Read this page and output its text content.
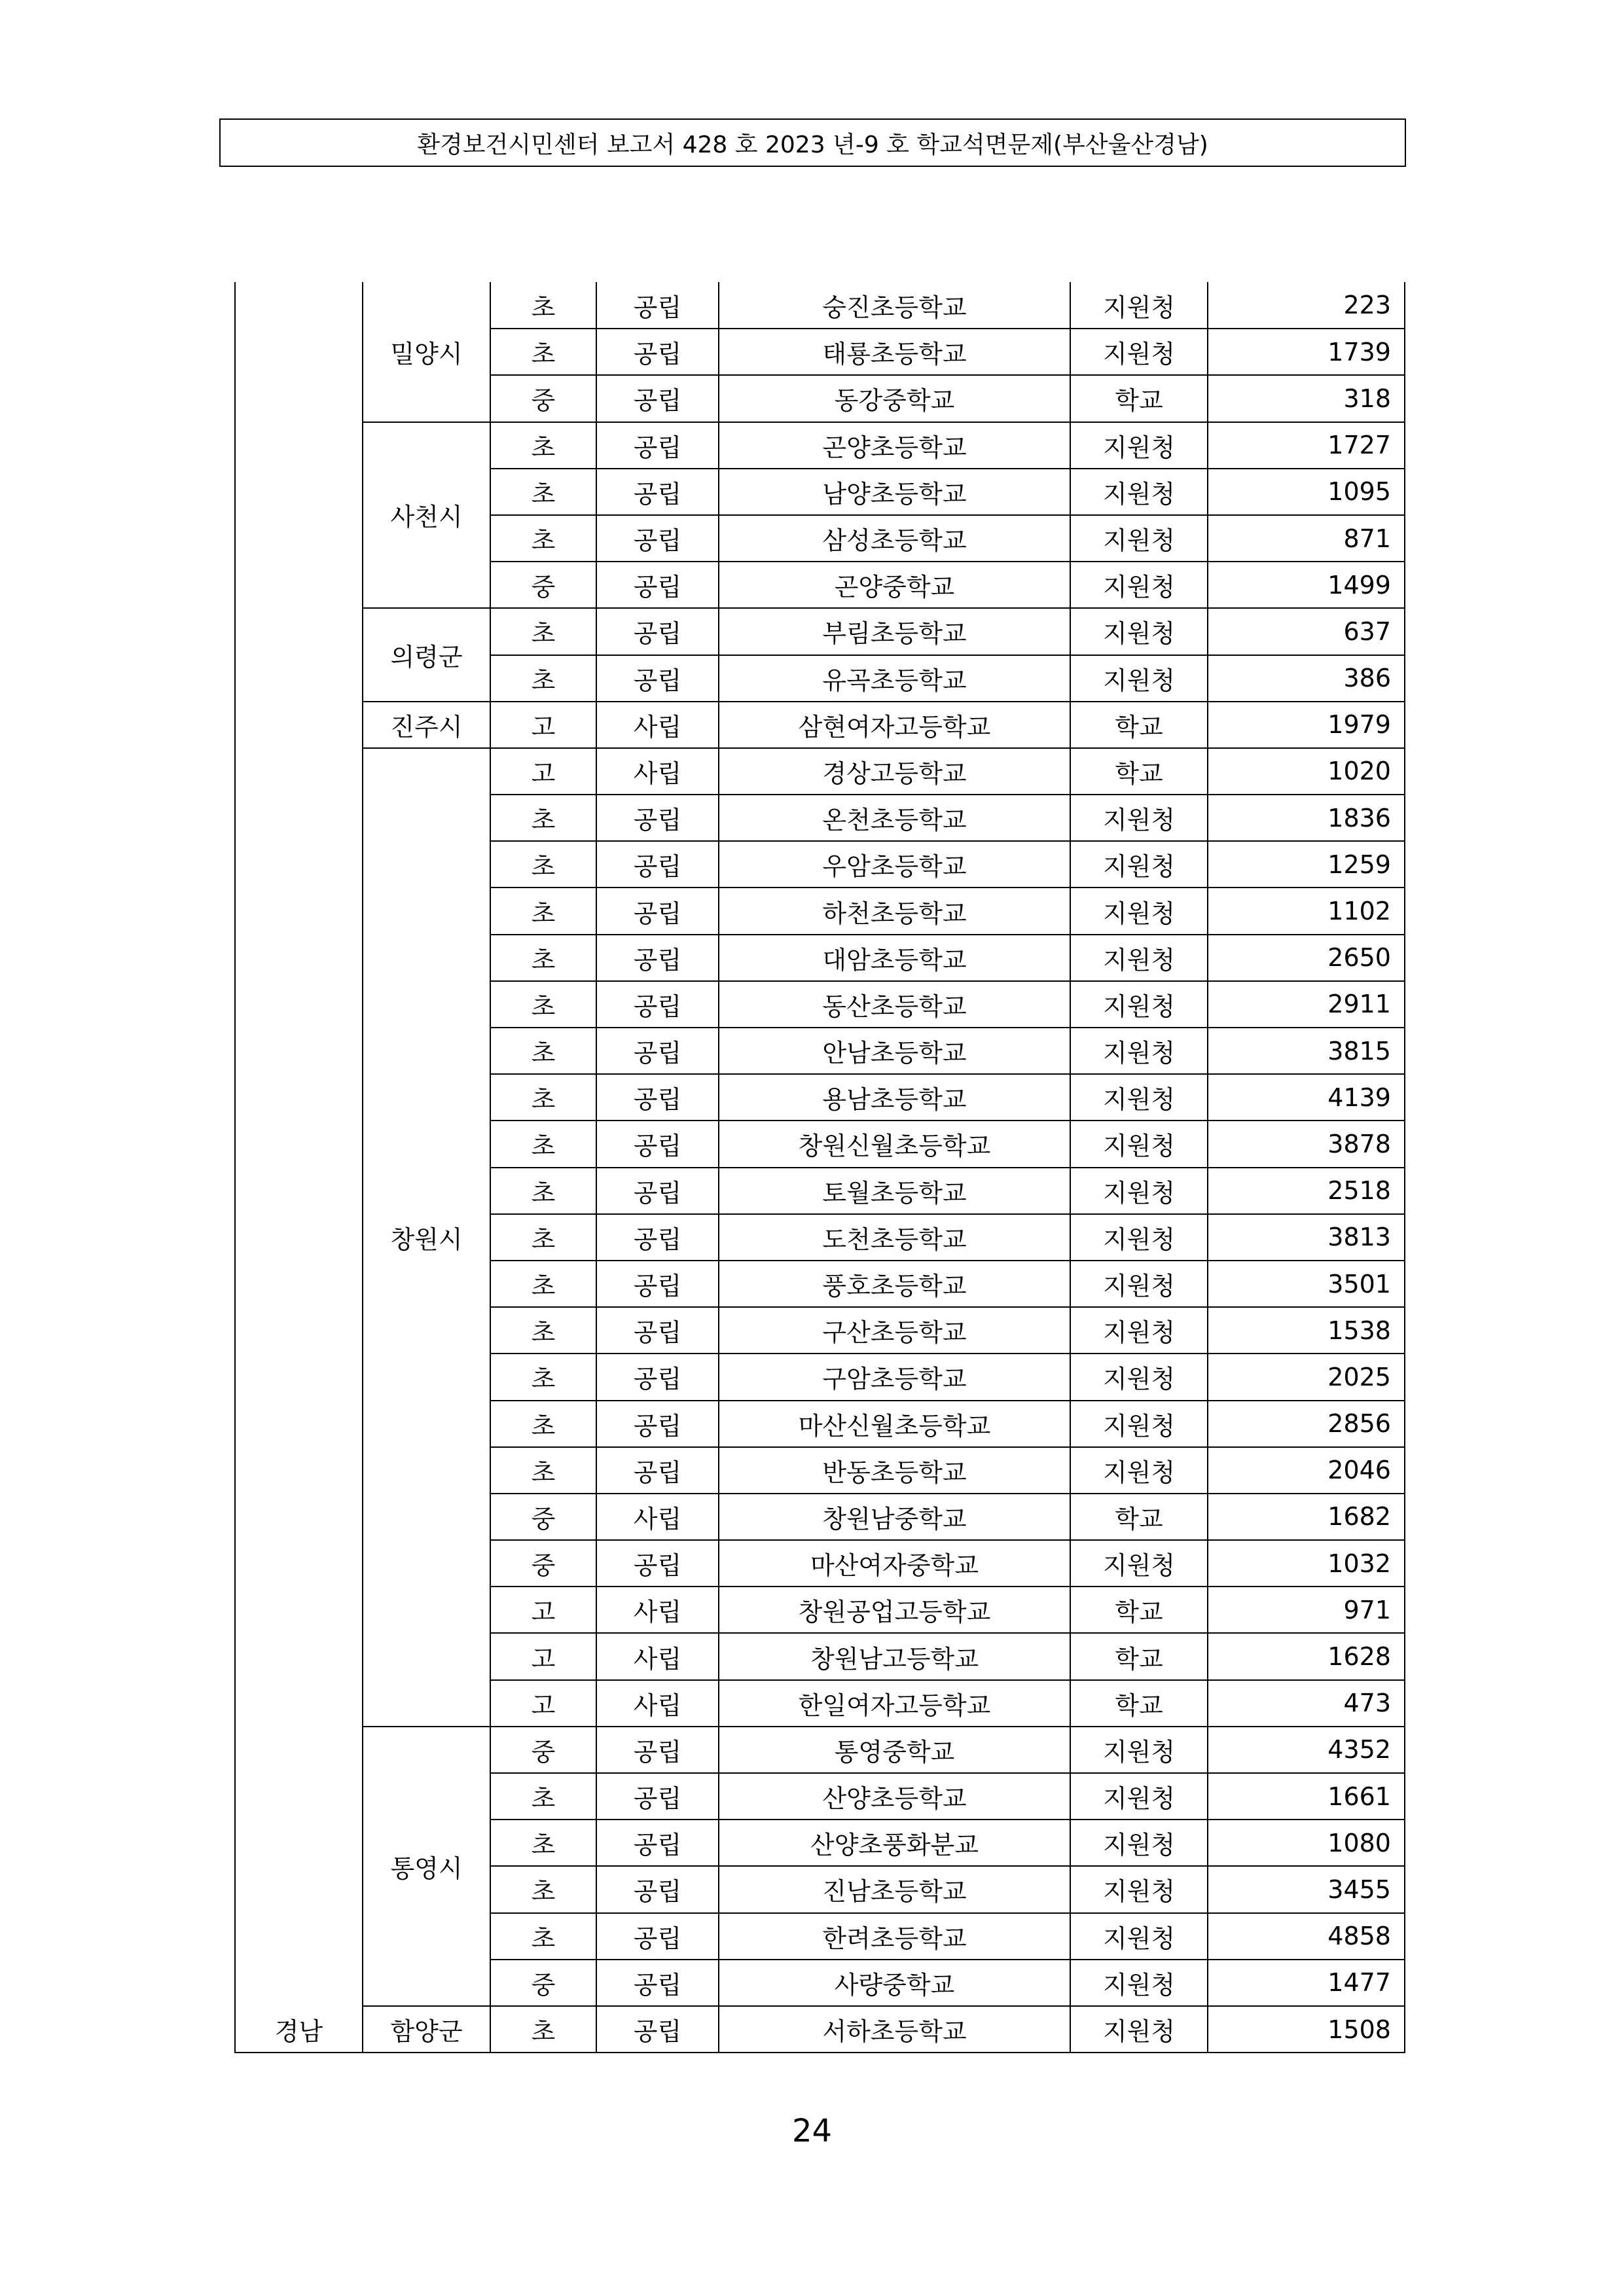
환경보건시민센터 보고서 428 호 2023 년-9 호 학교석면문제(부산울산경남)
	밀양시	초	공립	숭진초등학교	지원청	223
		초	공립	태룡초등학교	지원청	1739
		중	공립	동강중학교	학교	318
	사천시	초	공립	곤양초등학교	지원청	1727
		초	공립	남양초등학교	지원청	1095
		초	공립	삼성초등학교	지원청	871
		중	공립	곤양중학교	지원청	1499
	의령군	초	공립	부림초등학교	지원청	637
		초	공립	유곡초등학교	지원청	386
	진주시	고	사립	삼현여자고등학교	학교	1979
	창원시	고	사립	경상고등학교	학교	1020
		초	공립	온천초등학교	지원청	1836
		초	공립	우암초등학교	지원청	1259
		초	공립	하천초등학교	지원청	1102
		초	공립	대암초등학교	지원청	2650
		초	공립	동산초등학교	지원청	2911
		초	공립	안남초등학교	지원청	3815
		초	공립	용남초등학교	지원청	4139
		초	공립	창원신월초등학교	지원청	3878
		초	공립	토월초등학교	지원청	2518
		초	공립	도천초등학교	지원청	3813
		초	공립	풍호초등학교	지원청	3501
		초	공립	구산초등학교	지원청	1538
		초	공립	구암초등학교	지원청	2025
		초	공립	마산신월초등학교	지원청	2856
		초	공립	반동초등학교	지원청	2046
		중	사립	창원남중학교	학교	1682
		중	공립	마산여자중학교	지원청	1032
		고	사립	창원공업고등학교	학교	971
		고	사립	창원남고등학교	학교	1628
		고	사립	한일여자고등학교	학교	473
	통영시	중	공립	통영중학교	지원청	4352
		초	공립	산양초등학교	지원청	1661
		초	공립	산양초풍화분교	지원청	1080
		초	공립	진남초등학교	지원청	3455
		초	공립	한려초등학교	지원청	4858
		중	공립	사량중학교	지원청	1477
경남	함양군	초	공립	서하초등학교	지원청	1508
24
